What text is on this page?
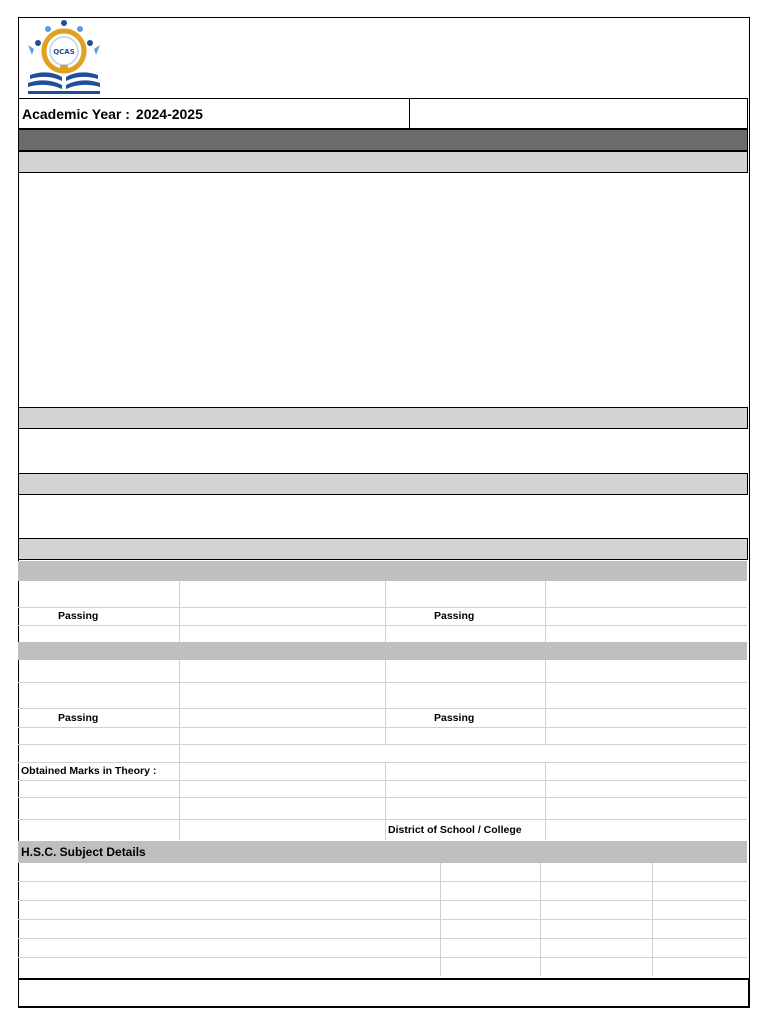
QCAS
Academic Year : 2024-2025
Passing	Passing
Passing	Passing
Obtained Marks in Theory :
District of School / College
H.S.C. Subject Details
